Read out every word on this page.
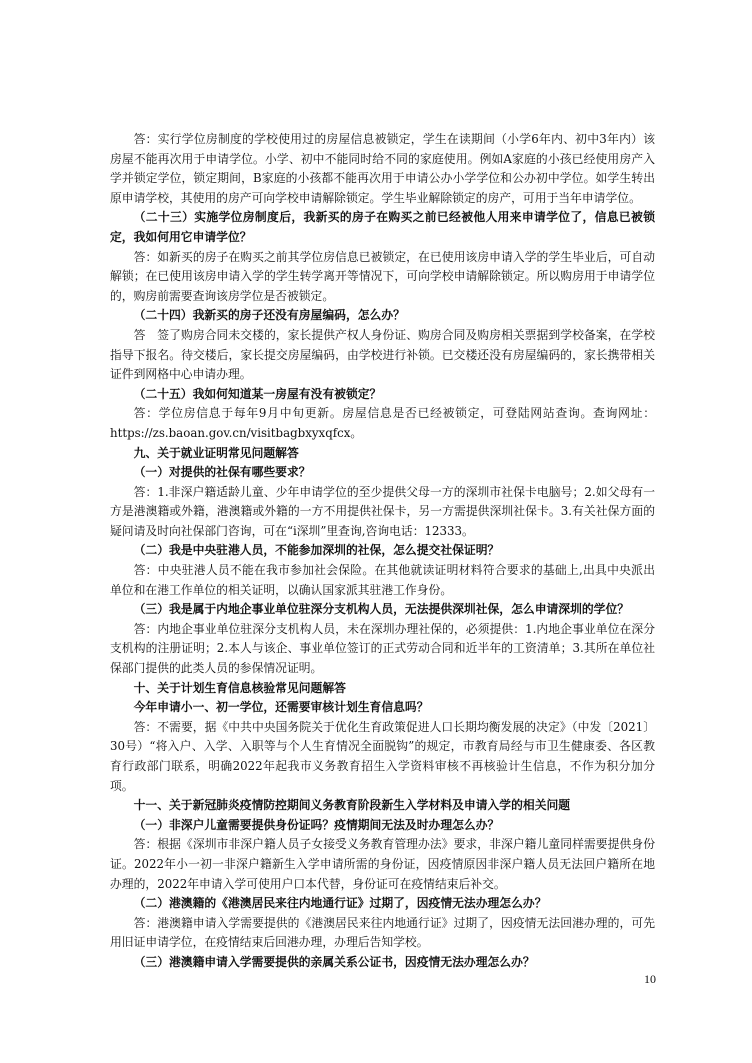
答：实行学位房制度的学校使用过的房屋信息被锁定，学生在读期间（小学6年内、初中3年内）该房屋不能再次用于申请学位。小学、初中不能同时给不同的家庭使用。例如A家庭的小孩已经使用房产入学并锁定学位，锁定期间，B家庭的小孩都不能再次用于申请公办小学学位和公办初中学位。如学生转出原申请学校，其使用的房产可向学校申请解除锁定。学生毕业解除锁定的房产，可用于当年申请学位。

（二十三）实施学位房制度后，我新买的房子在购买之前已经被他人用来申请学位了，信息已被锁定，我如何用它申请学位？

答：如新买的房子在购买之前其学位房信息已被锁定，在已使用该房申请入学的学生毕业后，可自动解锁；在已使用该房申请入学的学生转学离开等情况下，可向学校申请解除锁定。所以购房用于申请学位的，购房前需要查询该房学位是否被锁定。

（二十四）我新买的房子还没有房屋编码，怎么办？

答　签了购房合同未交楼的，家长提供产权人身份证、购房合同及购房相关票据到学校备案，在学校指导下报名。待交楼后，家长提交房屋编码，由学校进行补锁。已交楼还没有房屋编码的，家长携带相关证件到网格中心申请办理。

（二十五）我如何知道某一房屋有没有被锁定？

答：学位房信息于每年9月中旬更新。房屋信息是否已经被锁定，可登陆网站查询。查询网址：https://zs.baoan.gov.cn/visitbagbxyxqfcx。

九、关于就业证明常见问题解答

（一）对提供的社保有哪些要求？

答：1.非深户籍适龄儿童、少年申请学位的至少提供父母一方的深圳市社保卡电脑号；2.如父母有一方是港澳籍或外籍，港澳籍或外籍的一方不用提供社保卡，另一方需提供深圳社保卡。3.有关社保方面的疑问请及时向社保部门咨询，可在“i深圳”里查询,咨询电话：12333。

（二）我是中央驻港人员，不能参加深圳的社保，怎么提交社保证明？

答：中央驻港人员不能在我市参加社会保险。在其他就读证明材料符合要求的基础上,出具中央派出单位和在港工作单位的相关证明，以确认国家派其驻港工作身份。

（三）我是属于内地企事业单位驻深分支机构人员，无法提供深圳社保，怎么申请深圳的学位？

答：内地企事业单位驻深分支机构人员，未在深圳办理社保的，必须提供：1.内地企事业单位在深分支机构的注册证明；2.本人与该企、事业单位签订的正式劳动合同和近半年的工资清单；3.其所在单位社保部门提供的此类人员的参保情况证明。

十、关于计划生育信息核验常见问题解答

今年申请小一、初一学位，还需要审核计划生育信息吗？

答：不需要，据《中共中央国务院关于优化生育政策促进人口长期均衡发展的决定》（中发〔2021〕30号）“将入户、入学、入职等与个人生育情况全面脱钩”的规定，市教育局经与市卫生健康委、各区教育行政部门联系，明确2022年起我市义务教育招生入学资料审核不再核验计生信息，不作为积分加分项。

十一、关于新冠肺炎疫情防控期间义务教育阶段新生入学材料及申请入学的相关问题

（一）非深户儿童需要提供身份证吗？疫情期间无法及时办理怎么办？

答：根据《深圳市非深户籍人员子女接受义务教育管理办法》要求，非深户籍儿童同样需要提供身份证。2022年小一初一非深户籍新生入学申请所需的身份证，因疫情原因非深户籍人员无法回户籍所在地办理的，2022年申请入学可使用户口本代替，身份证可在疫情结束后补交。

（二）港澳籍的《港澳居民来往内地通行证》过期了，因疫情无法办理怎么办？

答：港澳籍申请入学需要提供的《港澳居民来往内地通行证》过期了，因疫情无法回港办理的，可先用旧证申请学位，在疫情结束后回港办理，办理后告知学校。

（三）港澳籍申请入学需要提供的亲属关系公证书，因疫情无法办理怎么办？

10
